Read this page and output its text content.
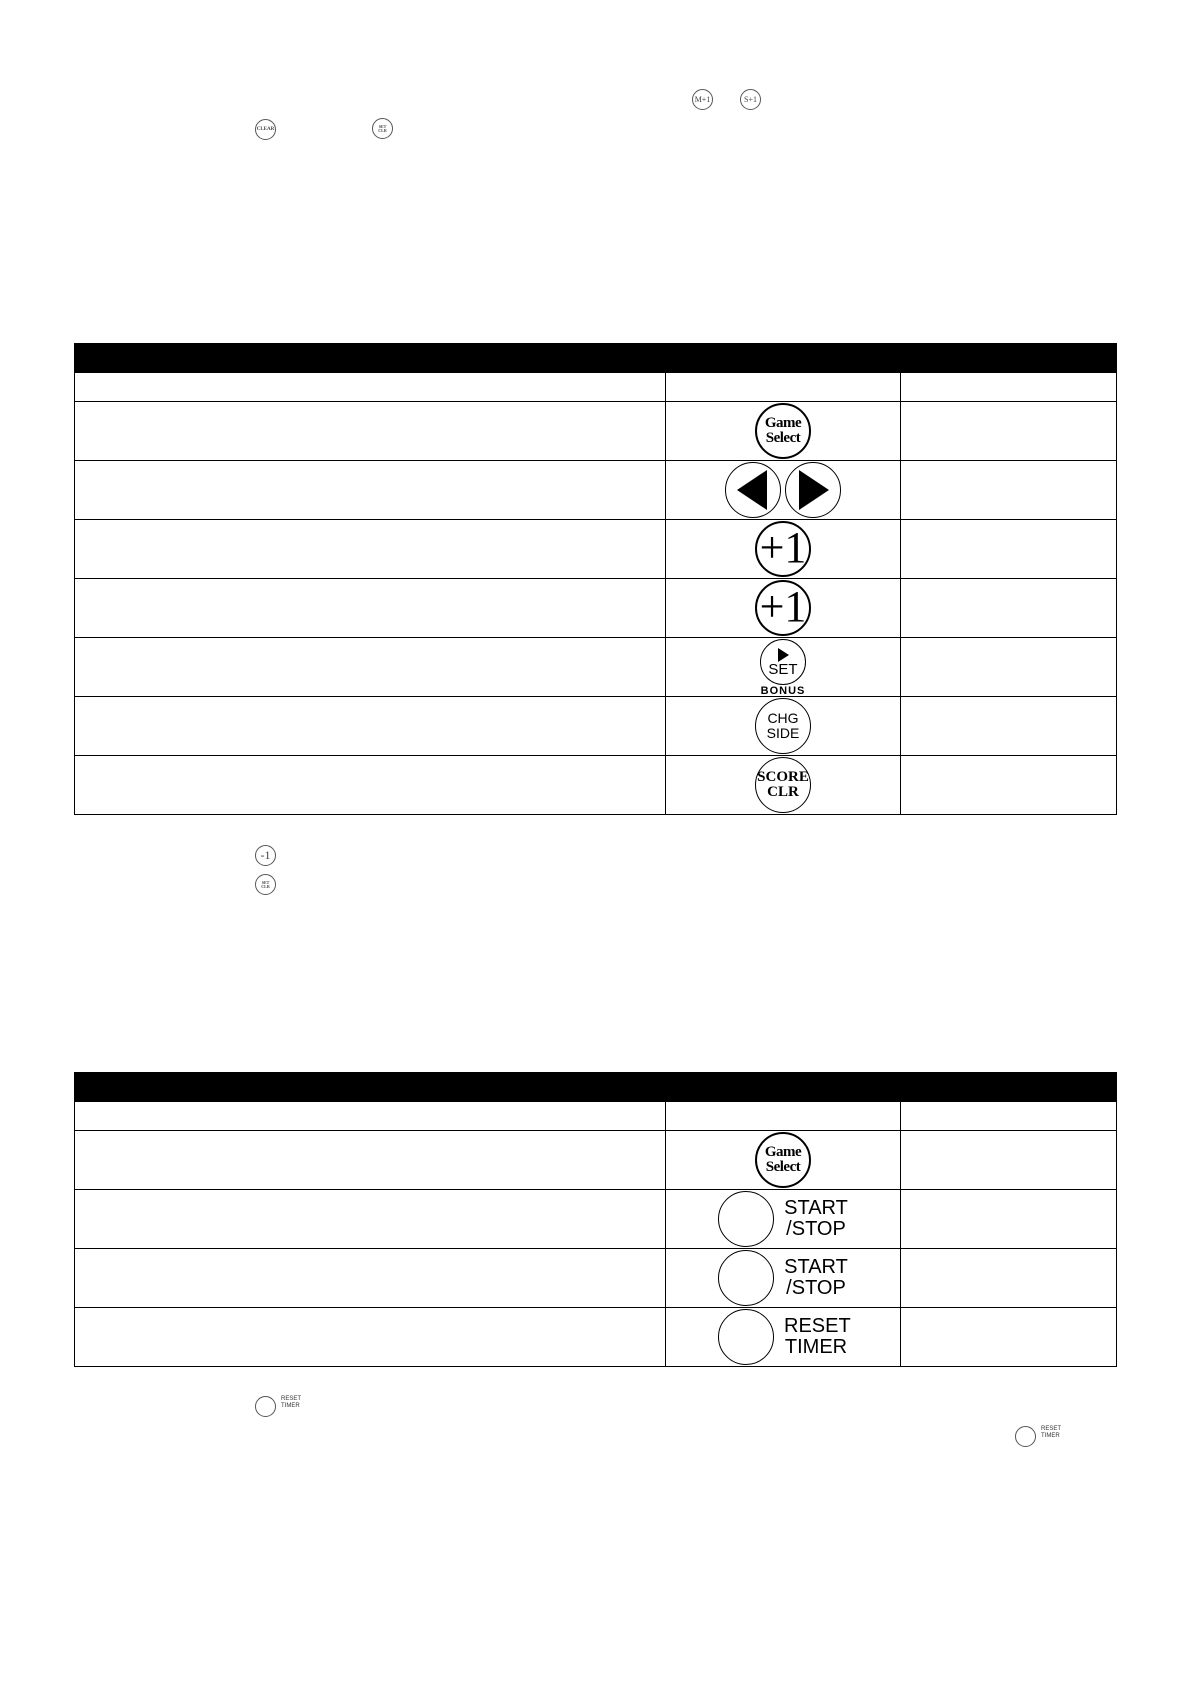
M+1	S+1
CLEAR
SET
CLR

	Game
Select	

	+1	

	+1	

	SET
BONUS	

	CHG
SIDE	

	SCORE
CLR	

-1
SET
CLR

	Game
Select	

	START
/STOP	

	START
/STOP	

	RESET
TIMER	

RESET
TIMER
RESET
TIMER
